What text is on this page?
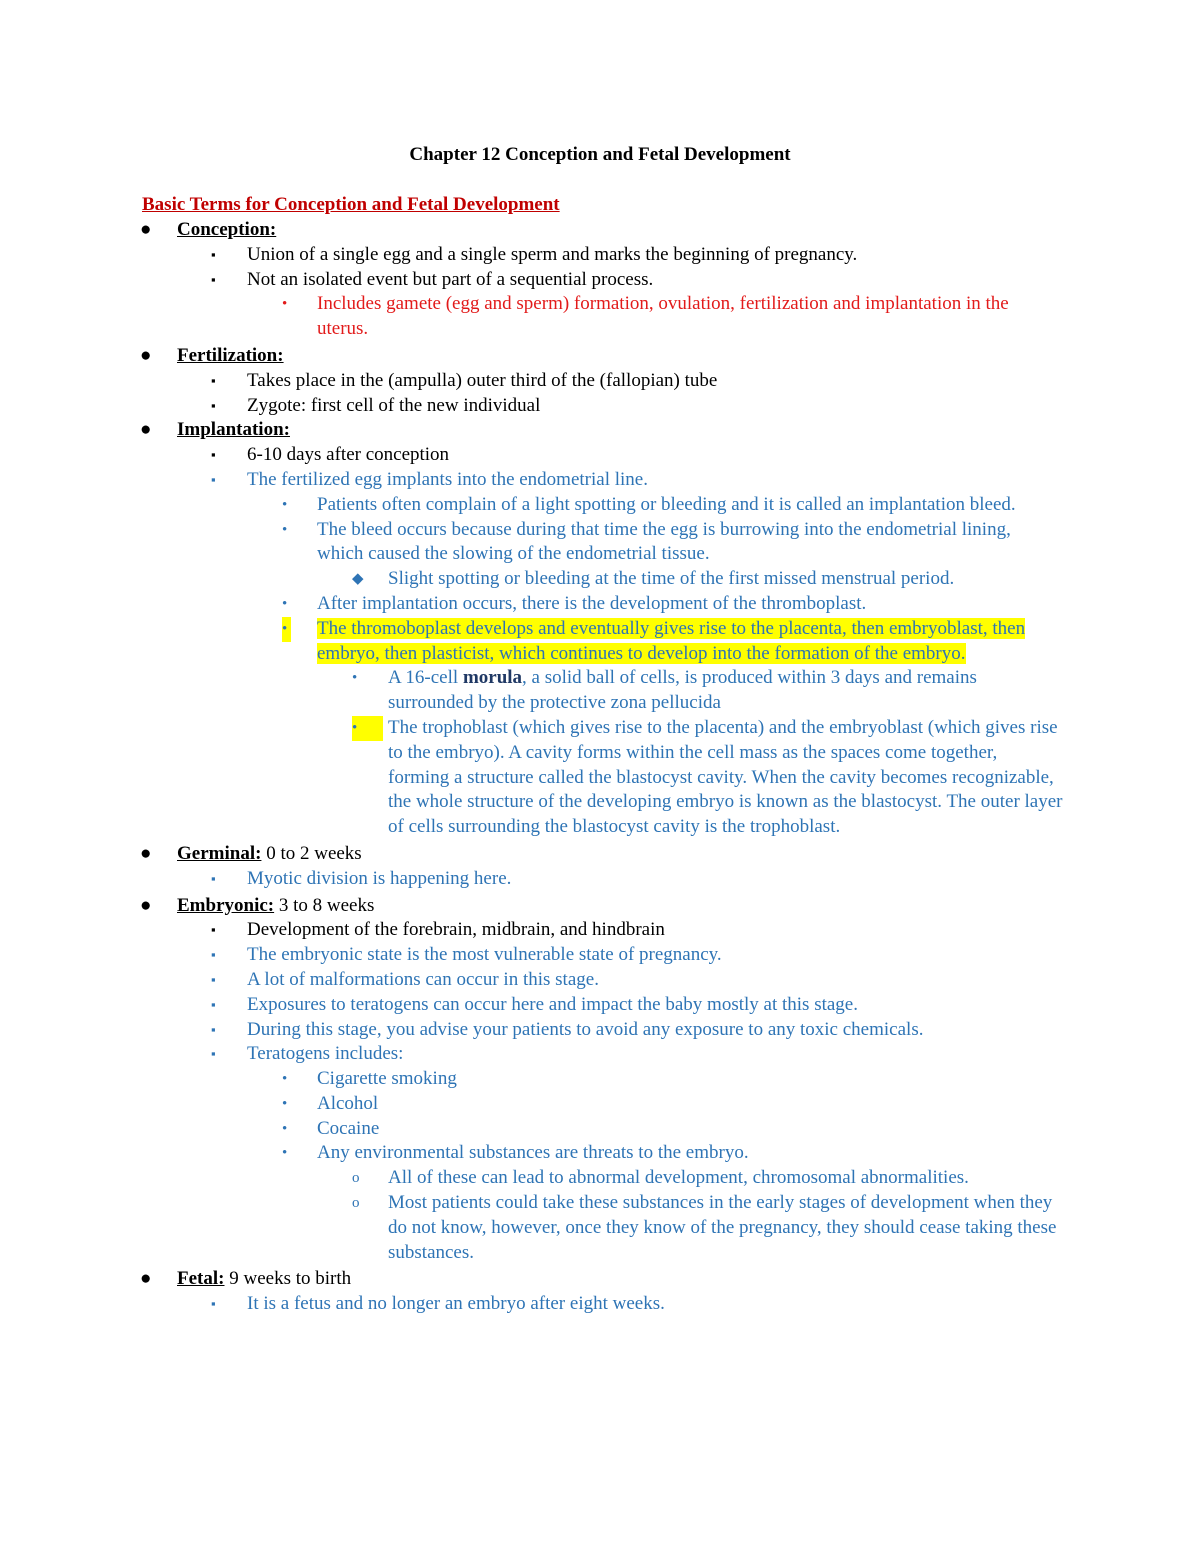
Chapter 12 Conception and Fetal Development
Basic Terms for Conception and Fetal Development
● Conception:
▪ Union of a single egg and a single sperm and marks the beginning of pregnancy.
▪ Not an isolated event but part of a sequential process.
• Includes gamete (egg and sperm) formation, ovulation, fertilization and implantation in the uterus.
● Fertilization:
▪ Takes place in the (ampulla) outer third of the (fallopian) tube
▪ Zygote: first cell of the new individual
● Implantation:
▪ 6-10 days after conception
▪ The fertilized egg implants into the endometrial line.
• Patients often complain of a light spotting or bleeding and it is called an implantation bleed.
• The bleed occurs because during that time the egg is burrowing into the endometrial lining, which caused the slowing of the endometrial tissue.
◆ Slight spotting or bleeding at the time of the first missed menstrual period.
• After implantation occurs, there is the development of the thromboplast.
• The thromoboplast develops and eventually gives rise to the placenta, then embryoblast, then embryo, then plasticist, which continues to develop into the formation of the embryo.
• A 16-cell morula, a solid ball of cells, is produced within 3 days and remains surrounded by the protective zona pellucida
•	The trophoblast (which gives rise to the placenta) and the embryoblast (which gives rise to the embryo). A cavity forms within the cell mass as the spaces come together, forming a structure called the blastocyst cavity. When the cavity becomes recognizable, the whole structure of the developing embryo is known as the blastocyst. The outer layer of cells surrounding the blastocyst cavity is the trophoblast.
● Germinal: 0 to 2 weeks
▪ Myotic division is happening here.
● Embryonic: 3 to 8 weeks
▪ Development of the forebrain, midbrain, and hindbrain
▪ The embryonic state is the most vulnerable state of pregnancy.
▪ A lot of malformations can occur in this stage.
▪ Exposures to teratogens can occur here and impact the baby mostly at this stage.
▪ During this stage, you advise your patients to avoid any exposure to any toxic chemicals.
▪ Teratogens includes:
• Cigarette smoking
• Alcohol
• Cocaine
• Any environmental substances are threats to the embryo.
o All of these can lead to abnormal development, chromosomal abnormalities.
o Most patients could take these substances in the early stages of development when they do not know, however, once they know of the pregnancy, they should cease taking these substances.
● Fetal: 9 weeks to birth
▪ It is a fetus and no longer an embryo after eight weeks.
